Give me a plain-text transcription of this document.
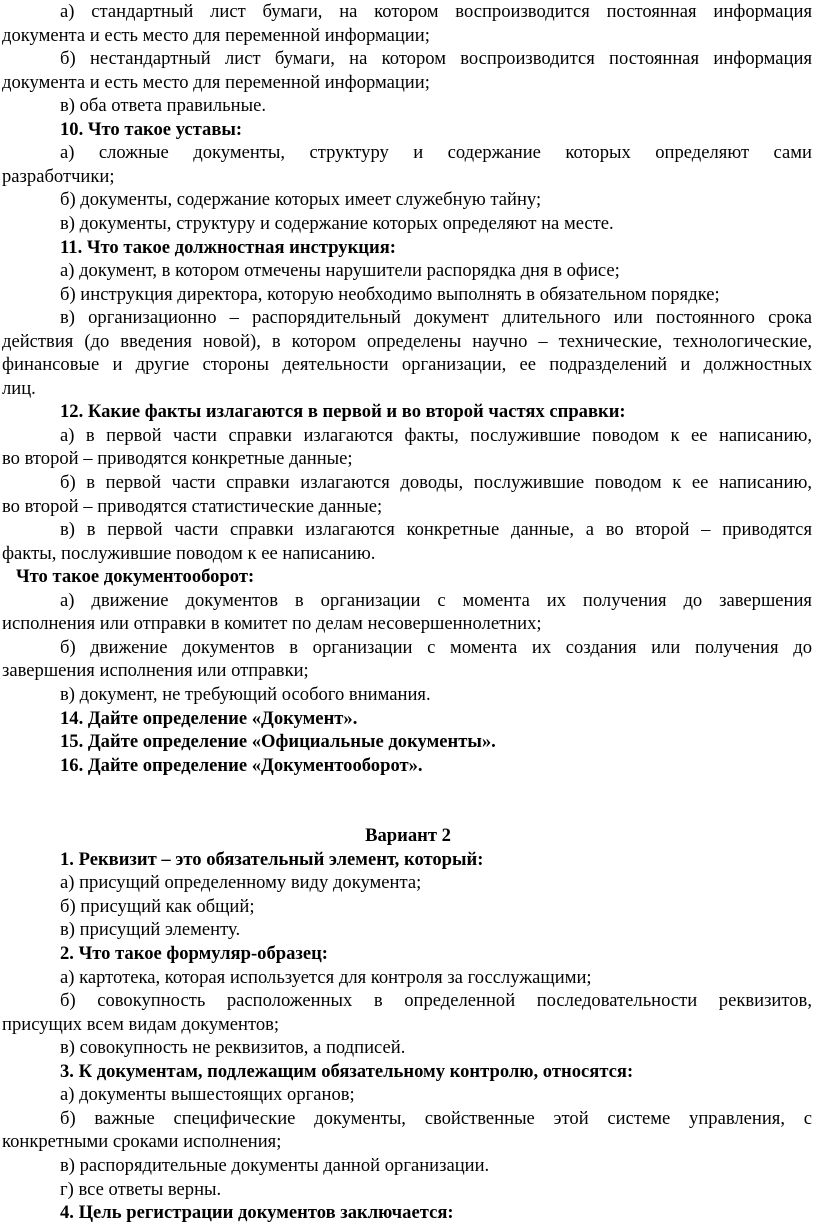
а) стандартный лист бумаги, на котором воспроизводится постоянная информация
документа и есть место для переменной информации;
б) нестандартный лист бумаги, на котором воспроизводится постоянная информация
документа и есть место для переменной информации;
в) оба ответа правильные.
10. Что такое уставы:
а) сложные документы, структуру и содержание которых определяют сами
разработчики;
б) документы, содержание которых имеет служебную тайну;
в) документы, структуру и содержание которых определяют на месте.
11. Что такое должностная инструкция:
а) документ, в котором отмечены нарушители распорядка дня в офисе;
б) инструкция директора, которую необходимо выполнять в обязательном порядке;
в) организационно – распорядительный документ длительного или постоянного срока
действия (до введения новой), в котором определены научно – технические, технологические,
финансовые и другие стороны деятельности организации, ее подразделений и должностных
лиц.
12. Какие факты излагаются в первой и во второй частях справки:
а) в первой части справки излагаются факты, послужившие поводом к ее написанию,
во второй – приводятся конкретные данные;
б) в первой части справки излагаются доводы, послужившие поводом к ее написанию,
во второй – приводятся статистические данные;
в) в первой части справки излагаются конкретные данные, а во второй – приводятся
факты, послужившие поводом к ее написанию.
Что такое документооборот:
а) движение документов в организации с момента их получения до завершения
исполнения или отправки в комитет по делам несовершеннолетних;
б) движение документов в организации с момента их создания или получения до
завершения исполнения или отправки;
в) документ, не требующий особого внимания.
14. Дайте определение «Документ».
15. Дайте определение «Официальные документы».
16. Дайте определение «Документооборот».
Вариант 2
1. Реквизит – это обязательный элемент, который:
а) присущий определенному виду документа;
б) присущий как общий;
в) присущий элементу.
2. Что такое формуляр-образец:
а) картотека, которая используется для контроля за госслужащими;
б) совокупность расположенных в определенной последовательности реквизитов,
присущих всем видам документов;
в) совокупность не реквизитов, а подписей.
3. К документам, подлежащим обязательному контролю, относятся:
а) документы вышестоящих органов;
б) важные специфические документы, свойственные этой системе управления, с
конкретными сроками исполнения;
в) распорядительные документы данной организации.
г) все ответы верны.
4. Цель регистрации документов заключается:
